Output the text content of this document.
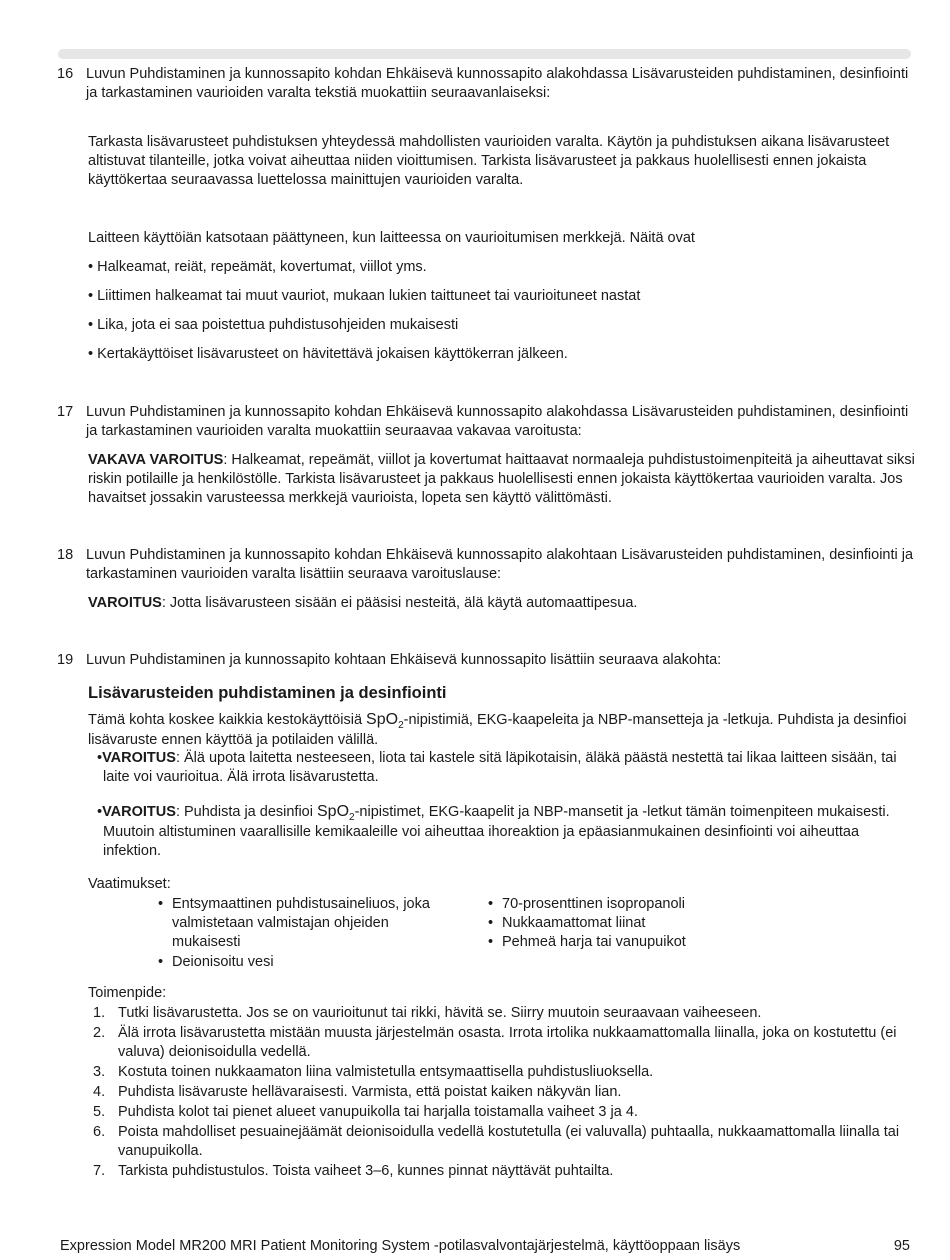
16 Luvun Puhdistaminen ja kunnossapito kohdan Ehkäisevä kunnossapito alakohdassa Lisävarusteiden puhdistaminen, desinfiointi ja tarkastaminen vaurioiden varalta tekstiä muokattiin seuraavanlaiseksi:

Tarkasta lisävarusteet puhdistuksen yhteydessä mahdollisten vaurioiden varalta. Käytön ja puhdistuksen aikana lisävarusteet altistuvat tilanteille, jotka voivat aiheuttaa niiden vioittumisen. Tarkista lisävarusteet ja pakkaus huolellisesti ennen jokaista käyttökertaa seuraavassa luettelossa mainittujen vaurioiden varalta.

Laitteen käyttöiän katsotaan päättyneen, kun laitteessa on vaurioitumisen merkkejä. Näitä ovat

• Halkeamat, reiät, repeämät, kovertumat, viillot yms.

• Liittimen halkeamat tai muut vauriot, mukaan lukien taittuneet tai vaurioituneet nastat

• Lika, jota ei saa poistettua puhdistusohjeiden mukaisesti

• Kertakäyttöiset lisävarusteet on hävitettävä jokaisen käyttökerran jälkeen.

17 Luvun Puhdistaminen ja kunnossapito kohdan Ehkäisevä kunnossapito alakohdassa Lisävarusteiden puhdistaminen, desinfiointi ja tarkastaminen vaurioiden varalta muokattiin seuraavaa vakavaa varoitusta:

VAKAVA VAROITUS: Halkeamat, repeämät, viillot ja kovertumat haittaavat normaaleja puhdistustoimenpiteitä ja aiheuttavat siksi riskin potilaille ja henkilöstölle. Tarkista lisävarusteet ja pakkaus huolellisesti ennen jokaista käyttökertaa vaurioiden varalta. Jos havaitset jossakin varusteessa merkkejä vaurioista, lopeta sen käyttö välittömästi.

18 Luvun Puhdistaminen ja kunnossapito kohdan Ehkäisevä kunnossapito alakohtaan Lisävarusteiden puhdistaminen, desinfiointi ja tarkastaminen vaurioiden varalta lisättiin seuraava varoituslause:

VAROITUS: Jotta lisävarusteen sisään ei pääsisi nesteitä, älä käytä automaattipesua.

19 Luvun Puhdistaminen ja kunnossapito kohtaan Ehkäisevä kunnossapito lisättiin seuraava alakohta:

Lisävarusteiden puhdistaminen ja desinfiointi

Tämä kohta koskee kaikkia kestokäyttöisiä SpO$_2$-nipistimiä, EKG-kaapeleita ja NBP-mansetteja ja -letkuja. Puhdista ja desinfioi lisävaruste ennen käyttöä ja potilaiden välillä.

•VAROITUS: Älä upota laitetta nesteeseen, liota tai kastele sitä läpikotaisin, äläkä päästä nestettä tai likaa laitteen sisään, tai laite voi vaurioitua. Älä irrota lisävarustetta.

•VAROITUS: Puhdista ja desinfioi SpO$_2$-nipistimet, EKG-kaapelit ja NBP-mansetit ja -letkut tämän toimenpiteen mukaisesti. Muutoin altistuminen vaarallisille kemikaaleille voi aiheuttaa ihoreaktion ja epäasianmukainen desinfiointi voi aiheuttaa infektion.

Vaatimukset:

• Entsymaattinen puhdistusaineliuos, joka valmistetaan valmistajan ohjeiden mukaisesti
• Deionisoitu vesi
• 70-prosenttinen isopropanoli
• Nukkaamattomat liinat
• Pehmeä harja tai vanupuikot

Toimenpide:

1. Tutki lisävarustetta. Jos se on vaurioitunut tai rikki, hävitä se. Siirry muutoin seuraavaan vaiheeseen.
2. Älä irrota lisävarustetta mistään muusta järjestelmän osasta. Irrota irtolika nukkaamattomalla liinalla, joka on kostutettu (ei valuva) deionisoidulla vedellä.
3. Kostuta toinen nukkaamaton liina valmistetulla entsymaattisella puhdistusliuoksella.
4. Puhdista lisävaruste hellävaraisesti. Varmista, että poistat kaiken näkyvän lian.
5. Puhdista kolot tai pienet alueet vanupuikolla tai harjalla toistamalla vaiheet 3 ja 4.
6. Poista mahdolliset pesuainejäämät deionisoidulla vedellä kostutetulla (ei valuvalla) puhtaalla, nukkaamattomalla liinalla tai vanupuikolla.
7. Tarkista puhdistustulos. Toista vaiheet 3–6, kunnes pinnat näyttävät puhtailta.
Expression Model MR200 MRI Patient Monitoring System -potilasvalvontajärjestelmä, käyttöoppaan lisäys	95
